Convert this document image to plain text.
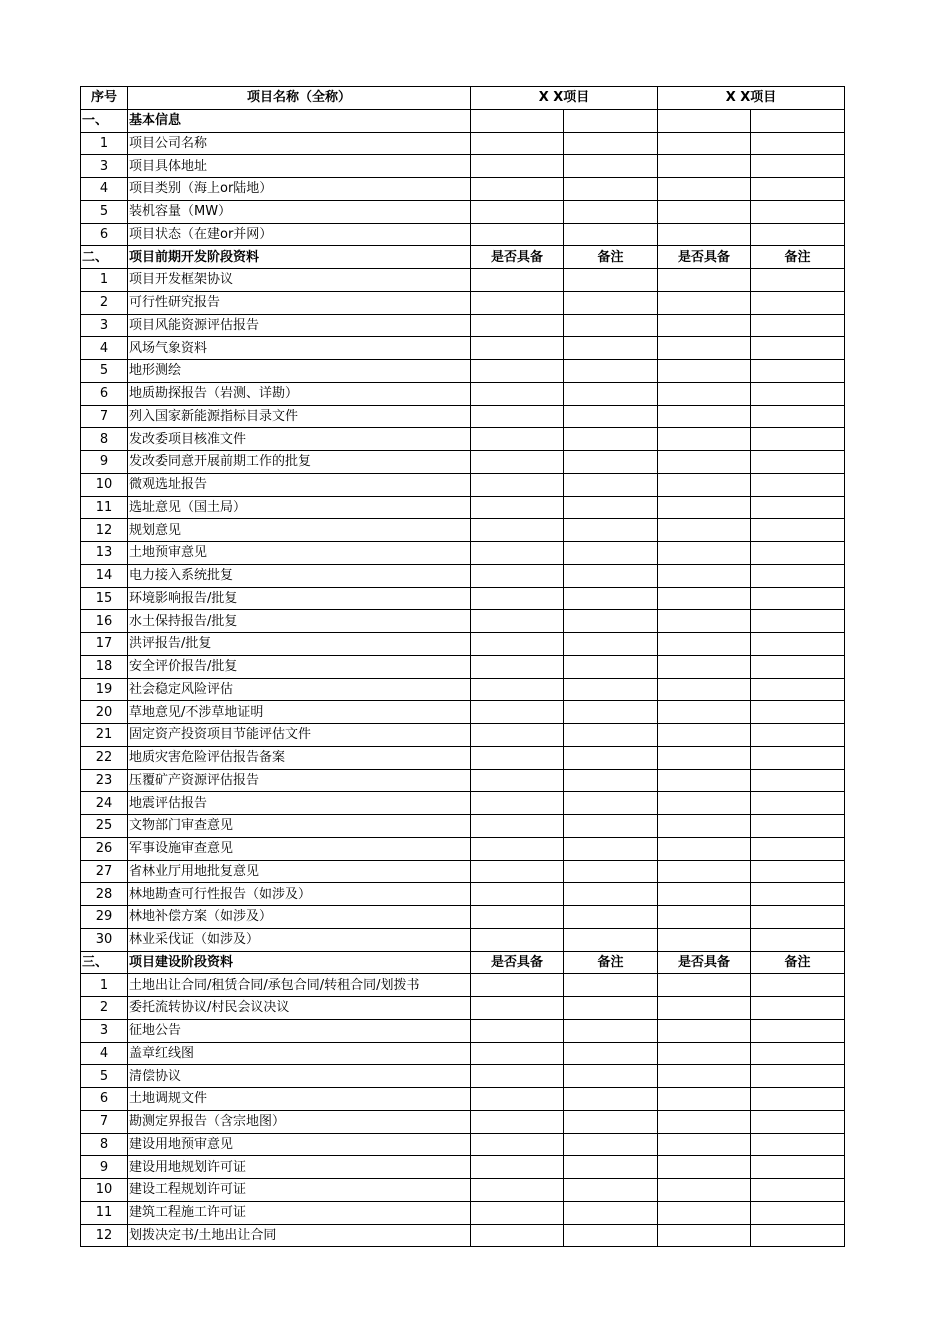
序号	项目名称（全称）	X X项目		X X项目	
一、	基本信息				
1	项目公司名称				
3	项目具体地址				
4	项目类别（海上or陆地）				
5	装机容量（MW）				
6	项目状态（在建or并网）				
二、	项目前期开发阶段资料	是否具备	备注	是否具备	备注
1	项目开发框架协议				
2	可行性研究报告				
3	项目风能资源评估报告				
4	风场气象资料				
5	地形测绘				
6	地质勘探报告（岩测、详勘）				
7	列入国家新能源指标目录文件				
8	发改委项目核准文件				
9	发改委同意开展前期工作的批复				
10	微观选址报告				
11	选址意见（国土局）				
12	规划意见				
13	土地预审意见				
14	电力接入系统批复				
15	环境影响报告/批复				
16	水土保持报告/批复				
17	洪评报告/批复				
18	安全评价报告/批复				
19	社会稳定风险评估				
20	草地意见/不涉草地证明				
21	固定资产投资项目节能评估文件				
22	地质灾害危险评估报告备案				
23	压覆矿产资源评估报告				
24	地震评估报告				
25	文物部门审查意见				
26	军事设施审查意见				
27	省林业厅用地批复意见				
28	林地勘查可行性报告（如涉及）				
29	林地补偿方案（如涉及）				
30	林业采伐证（如涉及）				
三、	项目建设阶段资料	是否具备	备注	是否具备	备注
1	土地出让合同/租赁合同/承包合同/转租合同/划拨书				
2	委托流转协议/村民会议决议				
3	征地公告				
4	盖章红线图				
5	清偿协议				
6	土地调规文件				
7	勘测定界报告（含宗地图）				
8	建设用地预审意见				
9	建设用地规划许可证				
10	建设工程规划许可证				
11	建筑工程施工许可证				
12	划拨决定书/土地出让合同				
